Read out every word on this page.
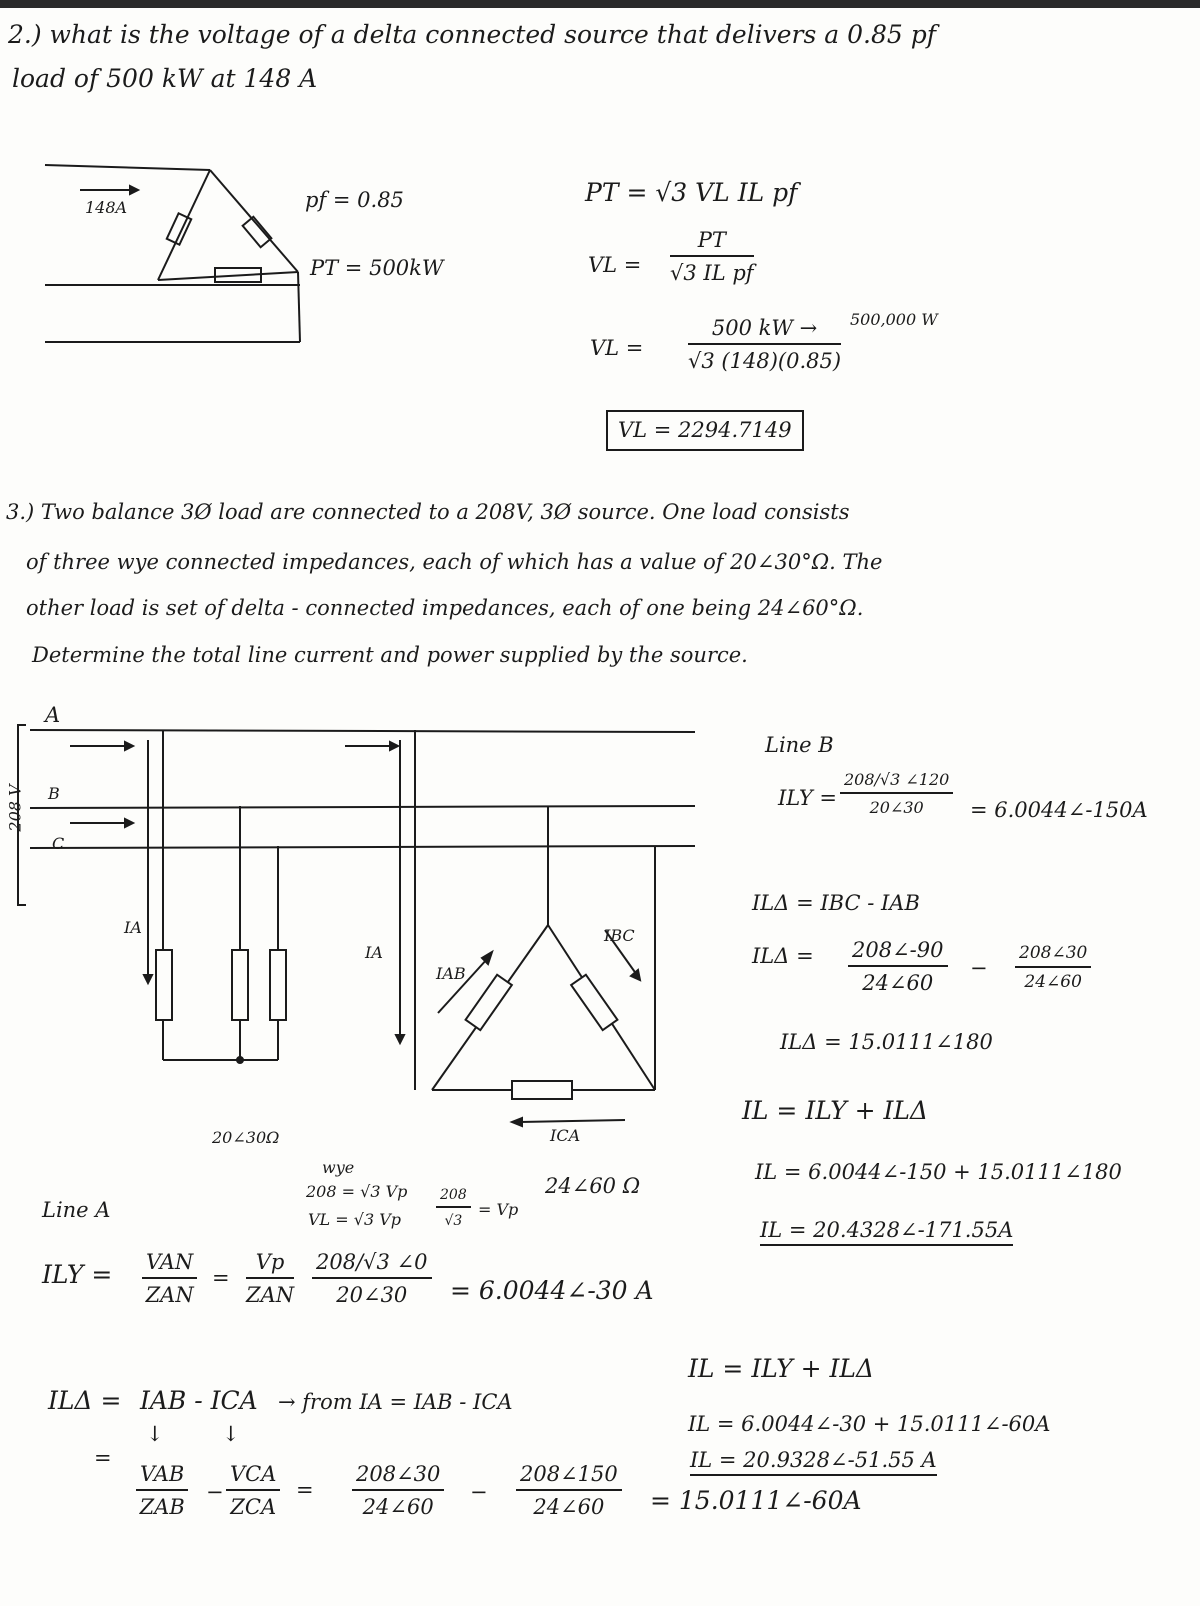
2.) what is the voltage of a delta connected source that delivers a 0.85 pf
load of 500 kW at 148 A
148A	pf = 0.85
PT = 500kW
PT = √3 VL IL pf
VL = $\frac{PT}{\text{√3 IL pf}}$
VL = $\frac{500 kW \to}{√3 (148)(0.85)} 500,000$ W
VL = 2294.7149
3.) Two balance 3Ø load are connected to a 208V, 3Ø source. One load consists
of three wye connected impedances, each of which has a value of 20∠30°Ω. The
other load is set of delta - connected impedances, each of one being 24∠60°Ω.
Determine the total line current and power supplied by the source.
A
B
C
208 V
IA
IA
IAB
IBC
ICA
20∠30Ω
24∠60 Ω
Line B
ILY = $\frac{208/√3 \angle 120}{20\angle 30}$ = 6.0044∠-150A
ILΔ = IBC - IAB
$IL\Delta = \frac{208\angle-90}{24\angle 60} - \frac{208\angle 30}{24\angle 60}$
ILΔ = 15.0111∠180
IL = ILY + ILΔ
IL = 6.0044∠-150 + 15.0111∠180
IL = 20.4328∠-171.55A
wye
208 = √3 Vp $\frac{208}{√3} = Vp$
VL = √3 Vp
Line A
ILY = VAN
ZAN
=
Vp
ZAN $\frac{208/√3 \angle 0}{20\angle 30}$ = 6.0044∠-30 A
ILΔ = IAB - ICA → from IA = IAB - ICA
↓	↓
=
VAB
ZAB
−
VCA
ZCA
= $\frac{208\angle 30}{24\angle 60} - \frac{208\angle 150}{24\angle 60}$ = 15.0111∠-60A
IL = ILY + ILΔ
IL = 6.0044∠-30 + 15.0111∠-60A
IL = 20.9328∠-51.55 A
